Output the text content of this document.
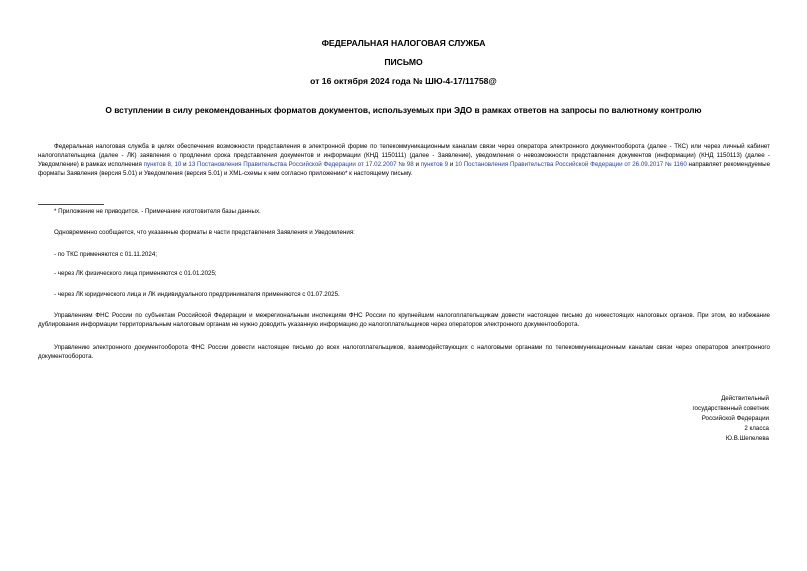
ФЕДЕРАЛЬНАЯ НАЛОГОВАЯ СЛУЖБА
ПИСЬМО
от 16 октября 2024 года № ШЮ-4-17/11758@
О вступлении в силу рекомендованных форматов документов, используемых при ЭДО в рамках ответов на запросы по валютному контролю
Федеральная налоговая служба в целях обеспечения возможности представления в электронной форме по телекоммуникационным каналам связи через оператора электронного документооборота (далее - ТКС) или через личный кабинет налогоплательщика (далее - ЛК) заявления о продлении срока представления документов и информации (КНД 1150111) (далее - Заявление), уведомления о невозможности представления документов (информации) (КНД 1150113) (далее - Уведомление) в рамках исполнения пунктов 8, 10 и 13 Постановления Правительства Российской Федерации от 17.02.2007 № 98 и пунктов 9 и 10 Постановления Правительства Российской Федерации от 26.09.2017 № 1160 направляет рекомендуемые форматы Заявления (версия 5.01) и Уведомления (версия 5.01) и XML-схемы к ним согласно приложению* к настоящему письму.
* Приложение не приводится. - Примечание изготовителя базы данных.
Одновременно сообщается, что указанные форматы в части представления Заявления и Уведомления:
- по ТКС применяются с 01.11.2024;
- через ЛК физического лица применяются с 01.01.2025;
- через ЛК юридического лица и ЛК индивидуального предпринимателя применяются с 01.07.2025.
Управлениям ФНС России по субъектам Российской Федерации и межрегиональным инспекциям ФНС России по крупнейшим налогоплательщикам довести настоящее письмо до нижестоящих налоговых органов. При этом, во избежание дублирования информации территориальным налоговым органам не нужно доводить указанную информацию до налогоплательщиков через операторов электронного документооборота.
Управлению электронного документооборота ФНС России довести настоящее письмо до всех налогоплательщиков, взаимодействующих с налоговыми органами по телекоммуникационным каналам связи через операторов электронного документооборота.
Действительный
государственный советник
Российской Федерации
2 класса
Ю.В.Шепелева
